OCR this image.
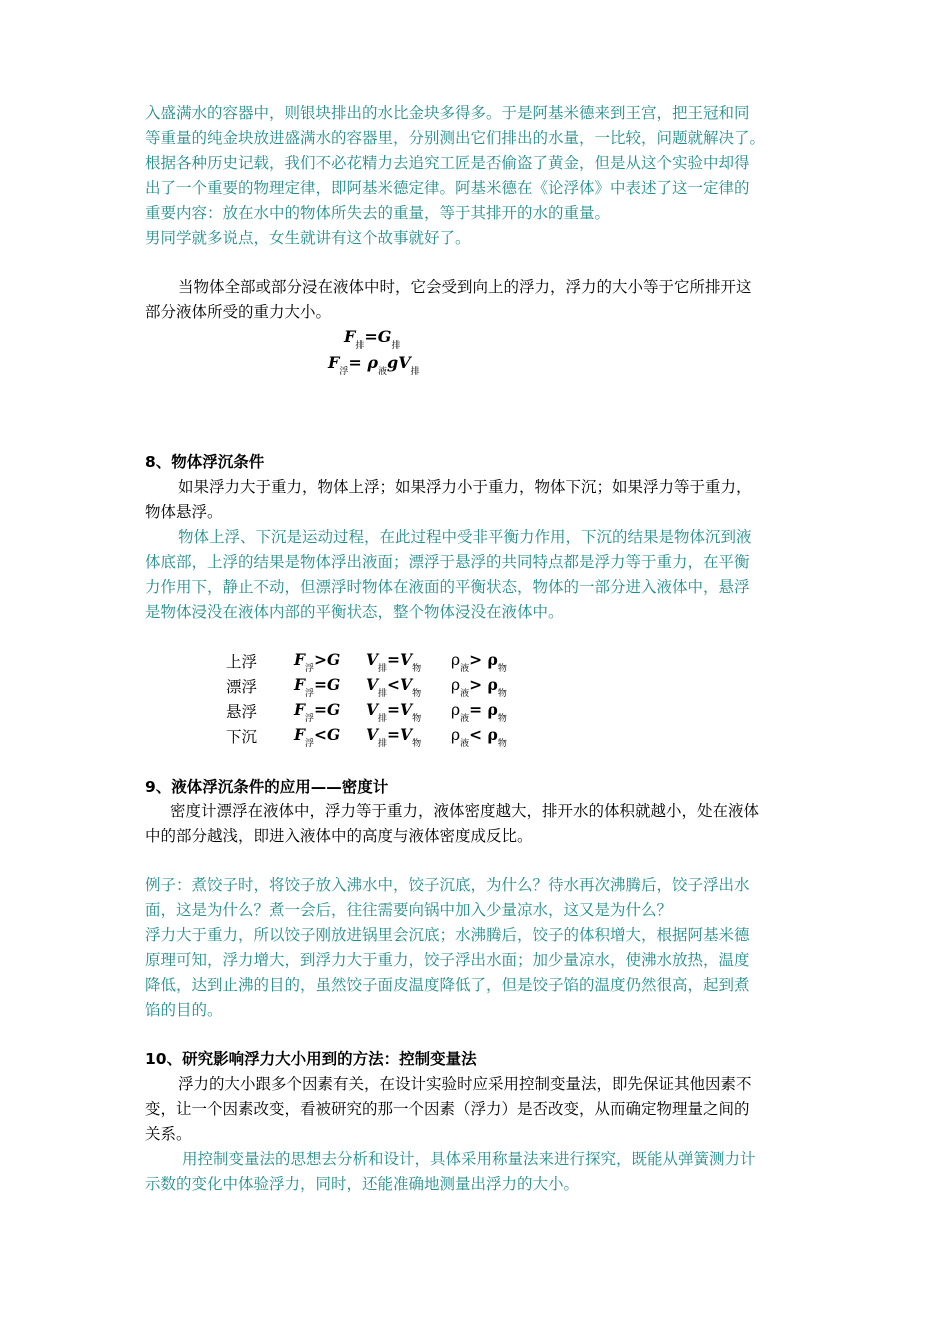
入盛满水的容器中，则银块排出的水比金块多得多。于是阿基米德来到王宫，把王冠和同
等重量的纯金块放进盛满水的容器里，分别测出它们排出的水量，一比较，问题就解决了。
根据各种历史记载，我们不必花精力去追究工匠是否偷盗了黄金，但是从这个实验中却得
出了一个重要的物理定律，即阿基米德定律。阿基米德在《论浮体》中表述了这一定律的
重要内容：放在水中的物体所失去的重量，等于其排开的水的重量。
男同学就多说点，女生就讲有这个故事就好了。
当物体全部或部分浸在液体中时，它会受到向上的浮力，浮力的大小等于它所排开这
部分液体所受的重力大小。
$F_排=G_排$
$F_浮= \rho_液gV_排$
8、物体浮沉条件
如果浮力大于重力，物体上浮；如果浮力小于重力，物体下沉；如果浮力等于重力，
物体悬浮。
物体上浮、下沉是运动过程，在此过程中受非平衡力作用，下沉的结果是物体沉到液
体底部，上浮的结果是物体浮出液面；漂浮于悬浮的共同特点都是浮力等于重力，在平衡
力作用下，静止不动，但漂浮时物体在液面的平衡状态，物体的一部分进入液体中，悬浮
是物体浸没在液体内部的平衡状态，整个物体浸没在液体中。
上浮 $F_浮>G$ $V_排=V_物$ $\rho_液> \rho_物$
漂浮 $F_浮=G$ $V_排<V_物$ $\rho_液> \rho_物$
悬浮 $F_浮=G$ $V_排=V_物$ $\rho_液= \rho_物$
下沉 $F_浮<G$ $V_排=V_物$ $\rho_液< \rho_物$
9、液体浮沉条件的应用——密度计
密度计漂浮在液体中，浮力等于重力，液体密度越大，排开水的体积就越小，处在液体
中的部分越浅，即进入液体中的高度与液体密度成反比。
例子：煮饺子时，将饺子放入沸水中，饺子沉底，为什么？待水再次沸腾后，饺子浮出水
面，这是为什么？煮一会后，往往需要向锅中加入少量凉水，这又是为什么？
浮力大于重力，所以饺子刚放进锅里会沉底；水沸腾后，饺子的体积增大，根据阿基米德
原理可知，浮力增大，到浮力大于重力，饺子浮出水面；加少量凉水，使沸水放热，温度
降低，达到止沸的目的，虽然饺子面皮温度降低了，但是饺子馅的温度仍然很高，起到煮
馅的目的。
10、研究影响浮力大小用到的方法：控制变量法
浮力的大小跟多个因素有关，在设计实验时应采用控制变量法，即先保证其他因素不
变，让一个因素改变，看被研究的那一个因素（浮力）是否改变，从而确定物理量之间的
关系。
用控制变量法的思想去分析和设计，具体采用称量法来进行探究，既能从弹簧测力计
示数的变化中体验浮力，同时，还能准确地测量出浮力的大小。
